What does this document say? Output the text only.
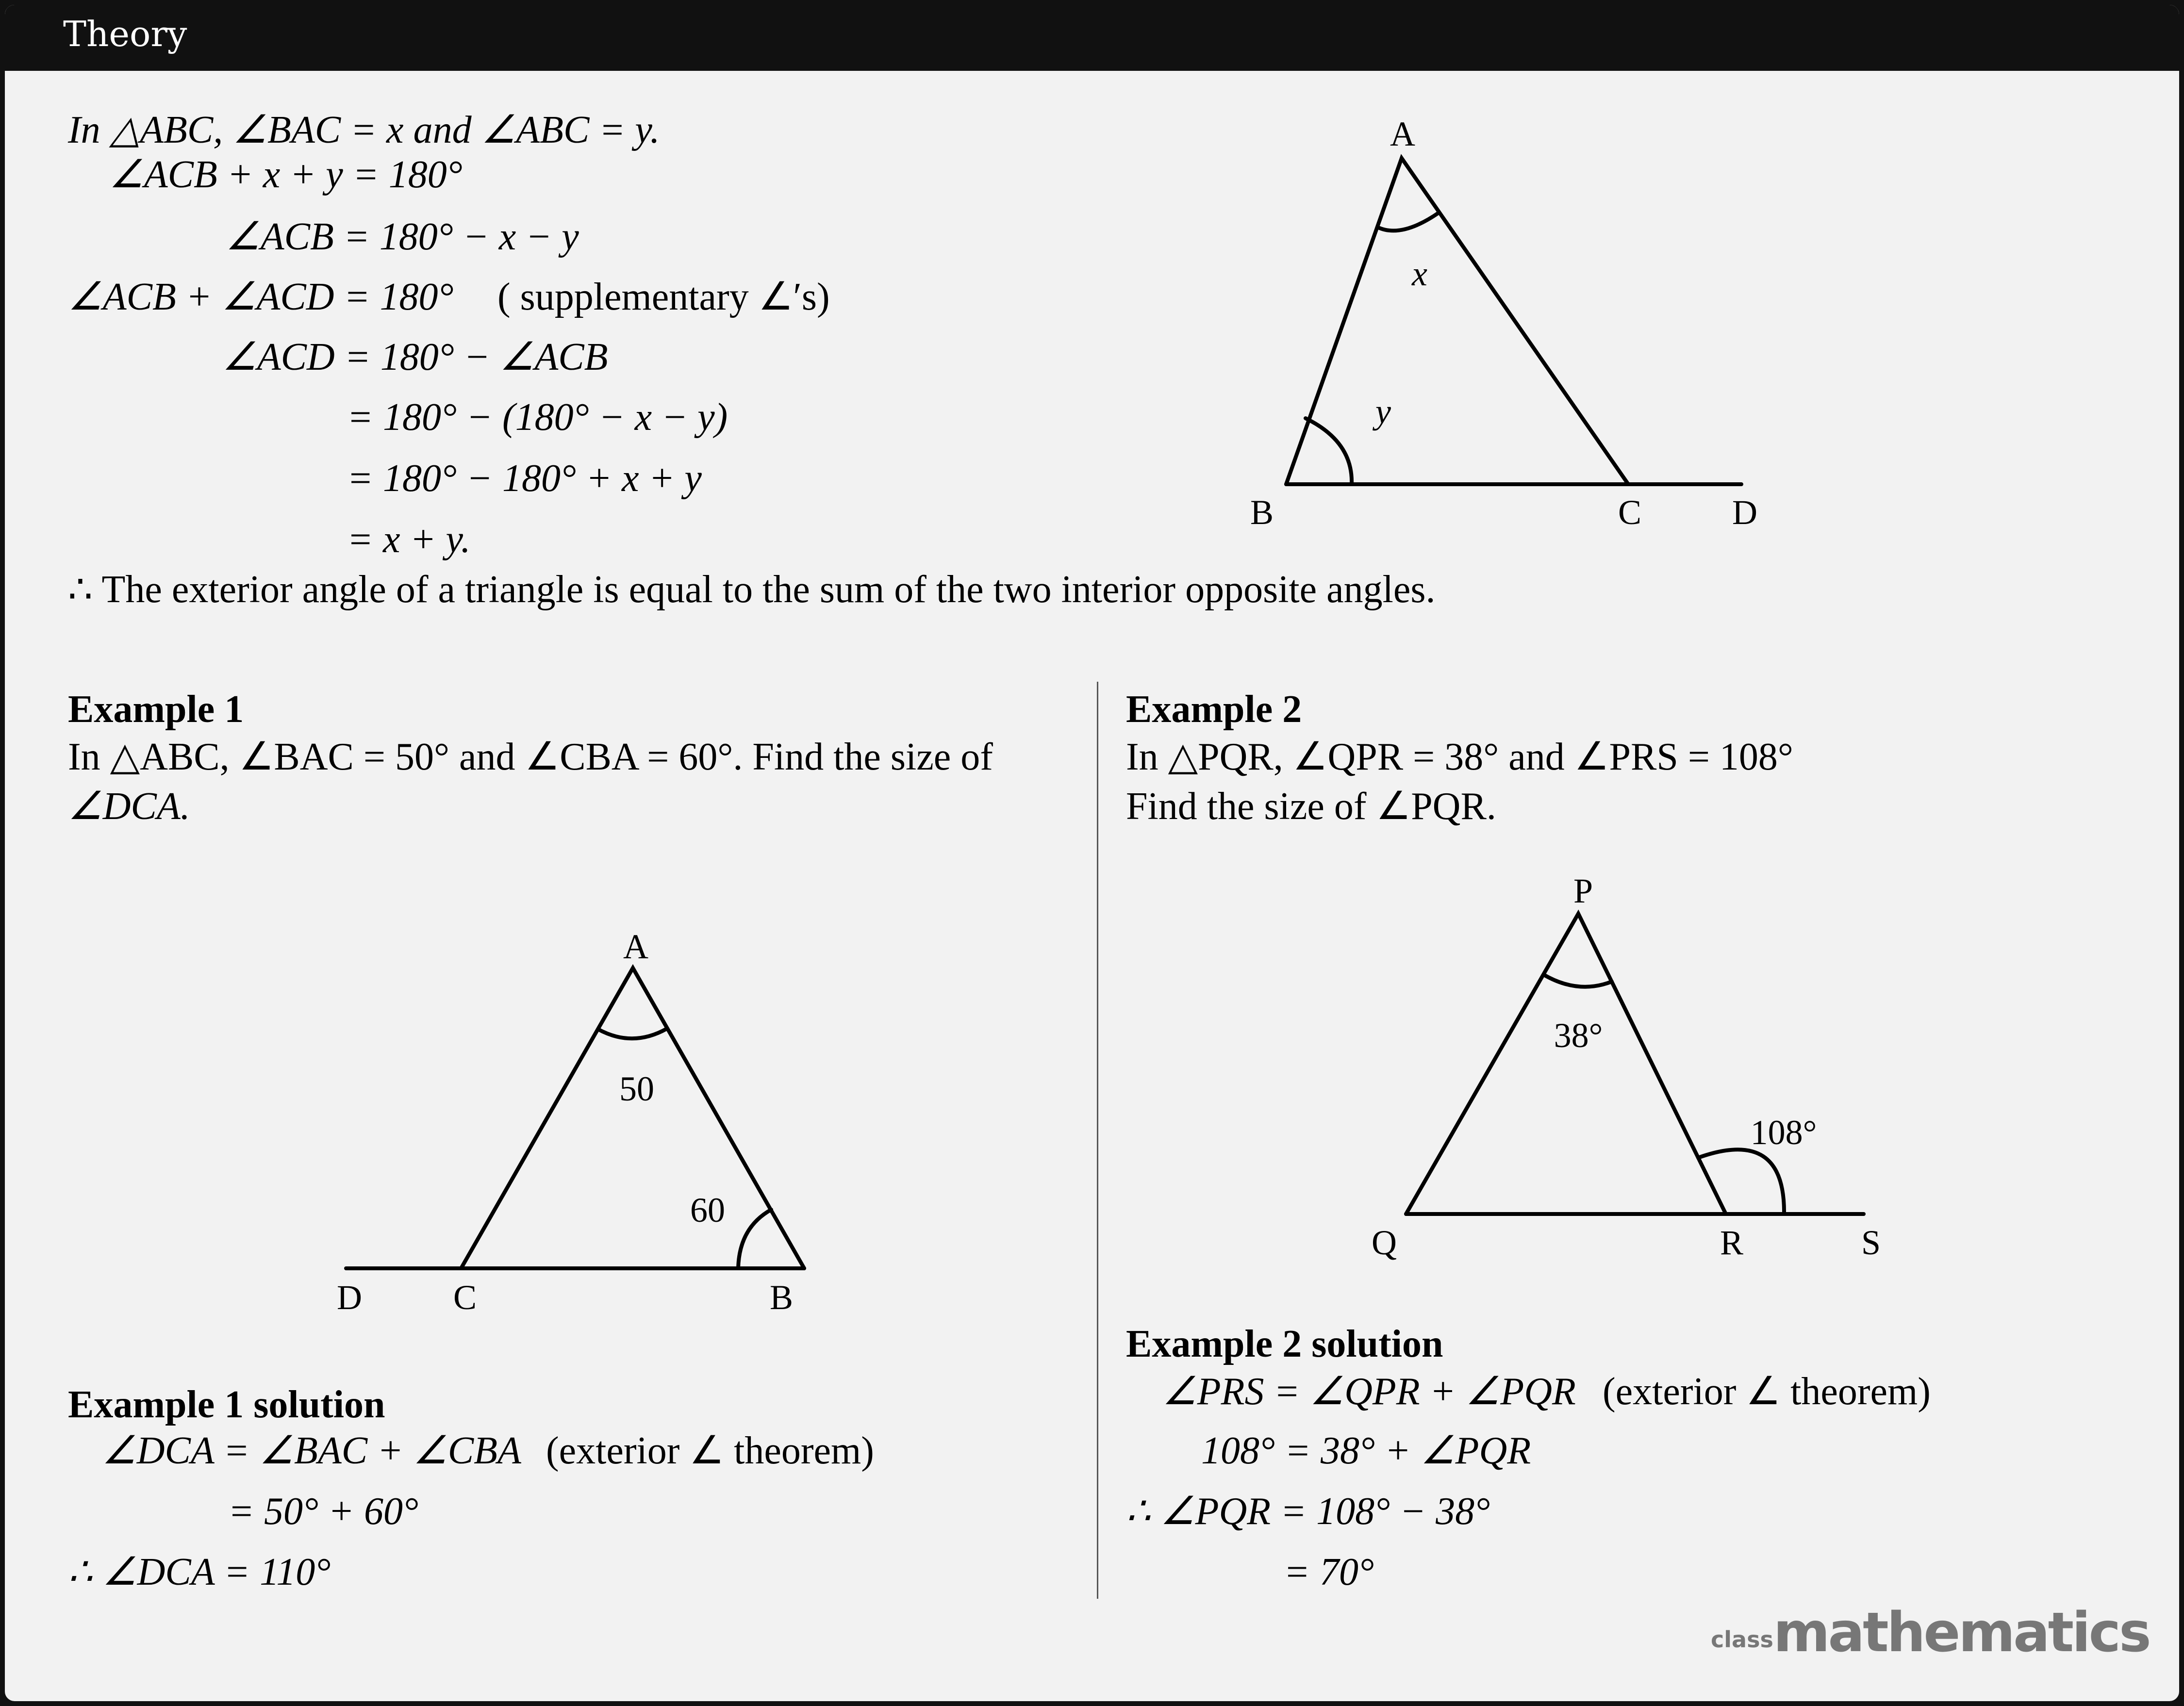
Theory
In △ABC, ∠BAC = x and ∠ABC = y.
∠ACB + x + y = 180°
∠ACB = 180° − x − y
∠ACB + ∠ACD = 180° ( supplementary ∠′s)
∠ACD = 180° − ∠ACB
= 180° − (180° − x − y)
= 180° − 180° + x + y
= x + y.
∴ The exterior angle of a triangle is equal to the sum of the two interior opposite angles.
Example 1
In △ABC, ∠BAC = 50° and ∠CBA = 60°. Find the size of
∠DCA.
Example 2
In △PQR, ∠QPR = 38° and ∠PRS = 108°
Find the size of ∠PQR.
Example 1 solution
∠DCA = ∠BAC + ∠CBA (exterior ∠ theorem)
= 50° + 60°
∴ ∠DCA = 110°
Example 2 solution
∠PRS = ∠QPR + ∠PQR (exterior ∠ theorem)
108° = 38° + ∠PQR
∴ ∠PQR = 108° − 38°
= 70°
A
B	C	D
x
y
A
D	C	B
50
60
P
Q	R	S
38°
108°
classmathematics
